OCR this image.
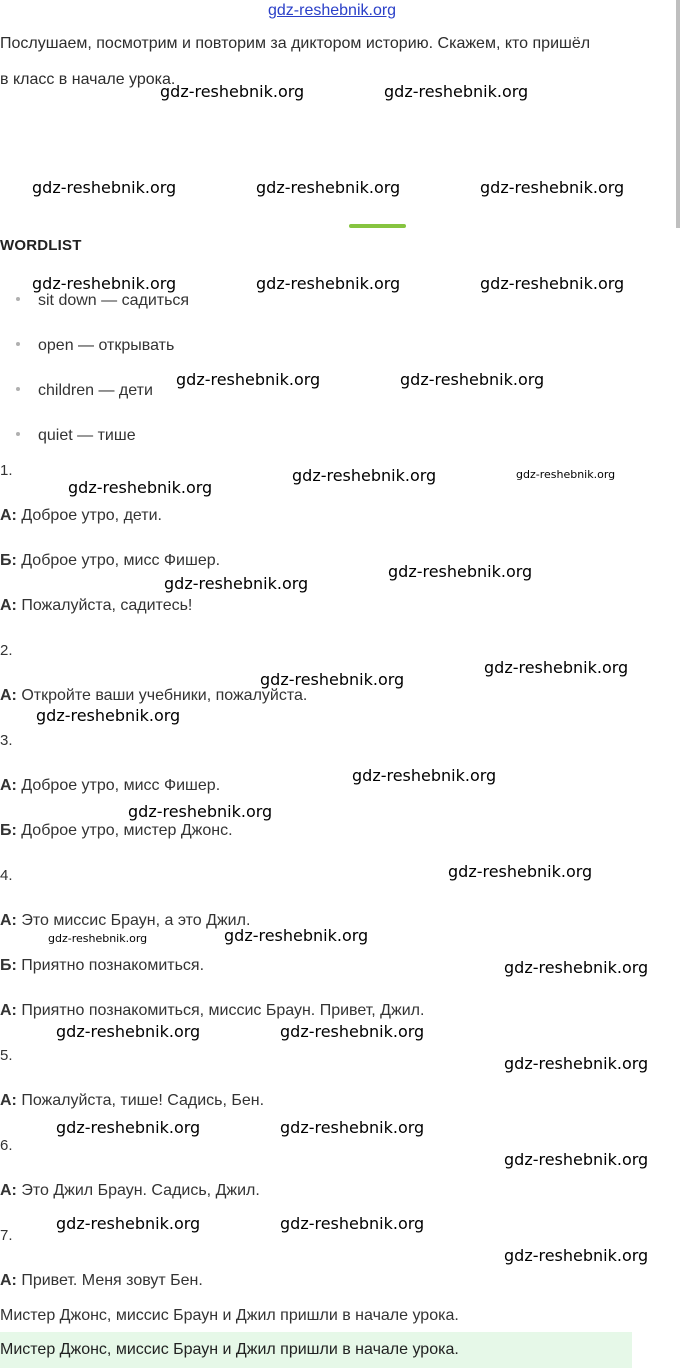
gdz-reshebnik.org
Послушаем, посмотрим и повторим за диктором историю. Скажем, кто пришёл
в класс в начале урока.
WORDLIST
sit down — садиться
open — открывать
children — дети
quiet — тише
1.
А: Доброе утро, дети.
Б: Доброе утро, мисс Фишер.
А: Пожалуйста, садитесь!
2.
А: Откройте ваши учебники, пожалуйста.
3.
А: Доброе утро, мисс Фишер.
Б: Доброе утро, мистер Джонс.
4.
А: Это миссис Браун, а это Джил.
Б: Приятно познакомиться.
А: Приятно познакомиться, миссис Браун. Привет, Джил.
5.
А: Пожалуйста, тише! Садись, Бен.
6.
А: Это Джил Браун. Садись, Джил.
7.
А: Привет. Меня зовут Бен.
Мистер Джонс, миссис Браун и Джил пришли в начале урока.
Мистер Джонс, миссис Браун и Джил пришли в начале урока.
gdz-reshebnik.org	gdz-reshebnik.org
gdz-reshebnik.org	gdz-reshebnik.org	gdz-reshebnik.org
gdz-reshebnik.org	gdz-reshebnik.org	gdz-reshebnik.org
gdz-reshebnik.org	gdz-reshebnik.org
gdz-reshebnik.org	gdz-reshebnik.org
gdz-reshebnik.org
gdz-reshebnik.org
gdz-reshebnik.org
gdz-reshebnik.org
gdz-reshebnik.org
gdz-reshebnik.org
gdz-reshebnik.org
gdz-reshebnik.org
gdz-reshebnik.org
gdz-reshebnik.org
gdz-reshebnik.org
gdz-reshebnik.org
gdz-reshebnik.org	gdz-reshebnik.org
gdz-reshebnik.org
gdz-reshebnik.org	gdz-reshebnik.org
gdz-reshebnik.org
gdz-reshebnik.org	gdz-reshebnik.org
gdz-reshebnik.org
